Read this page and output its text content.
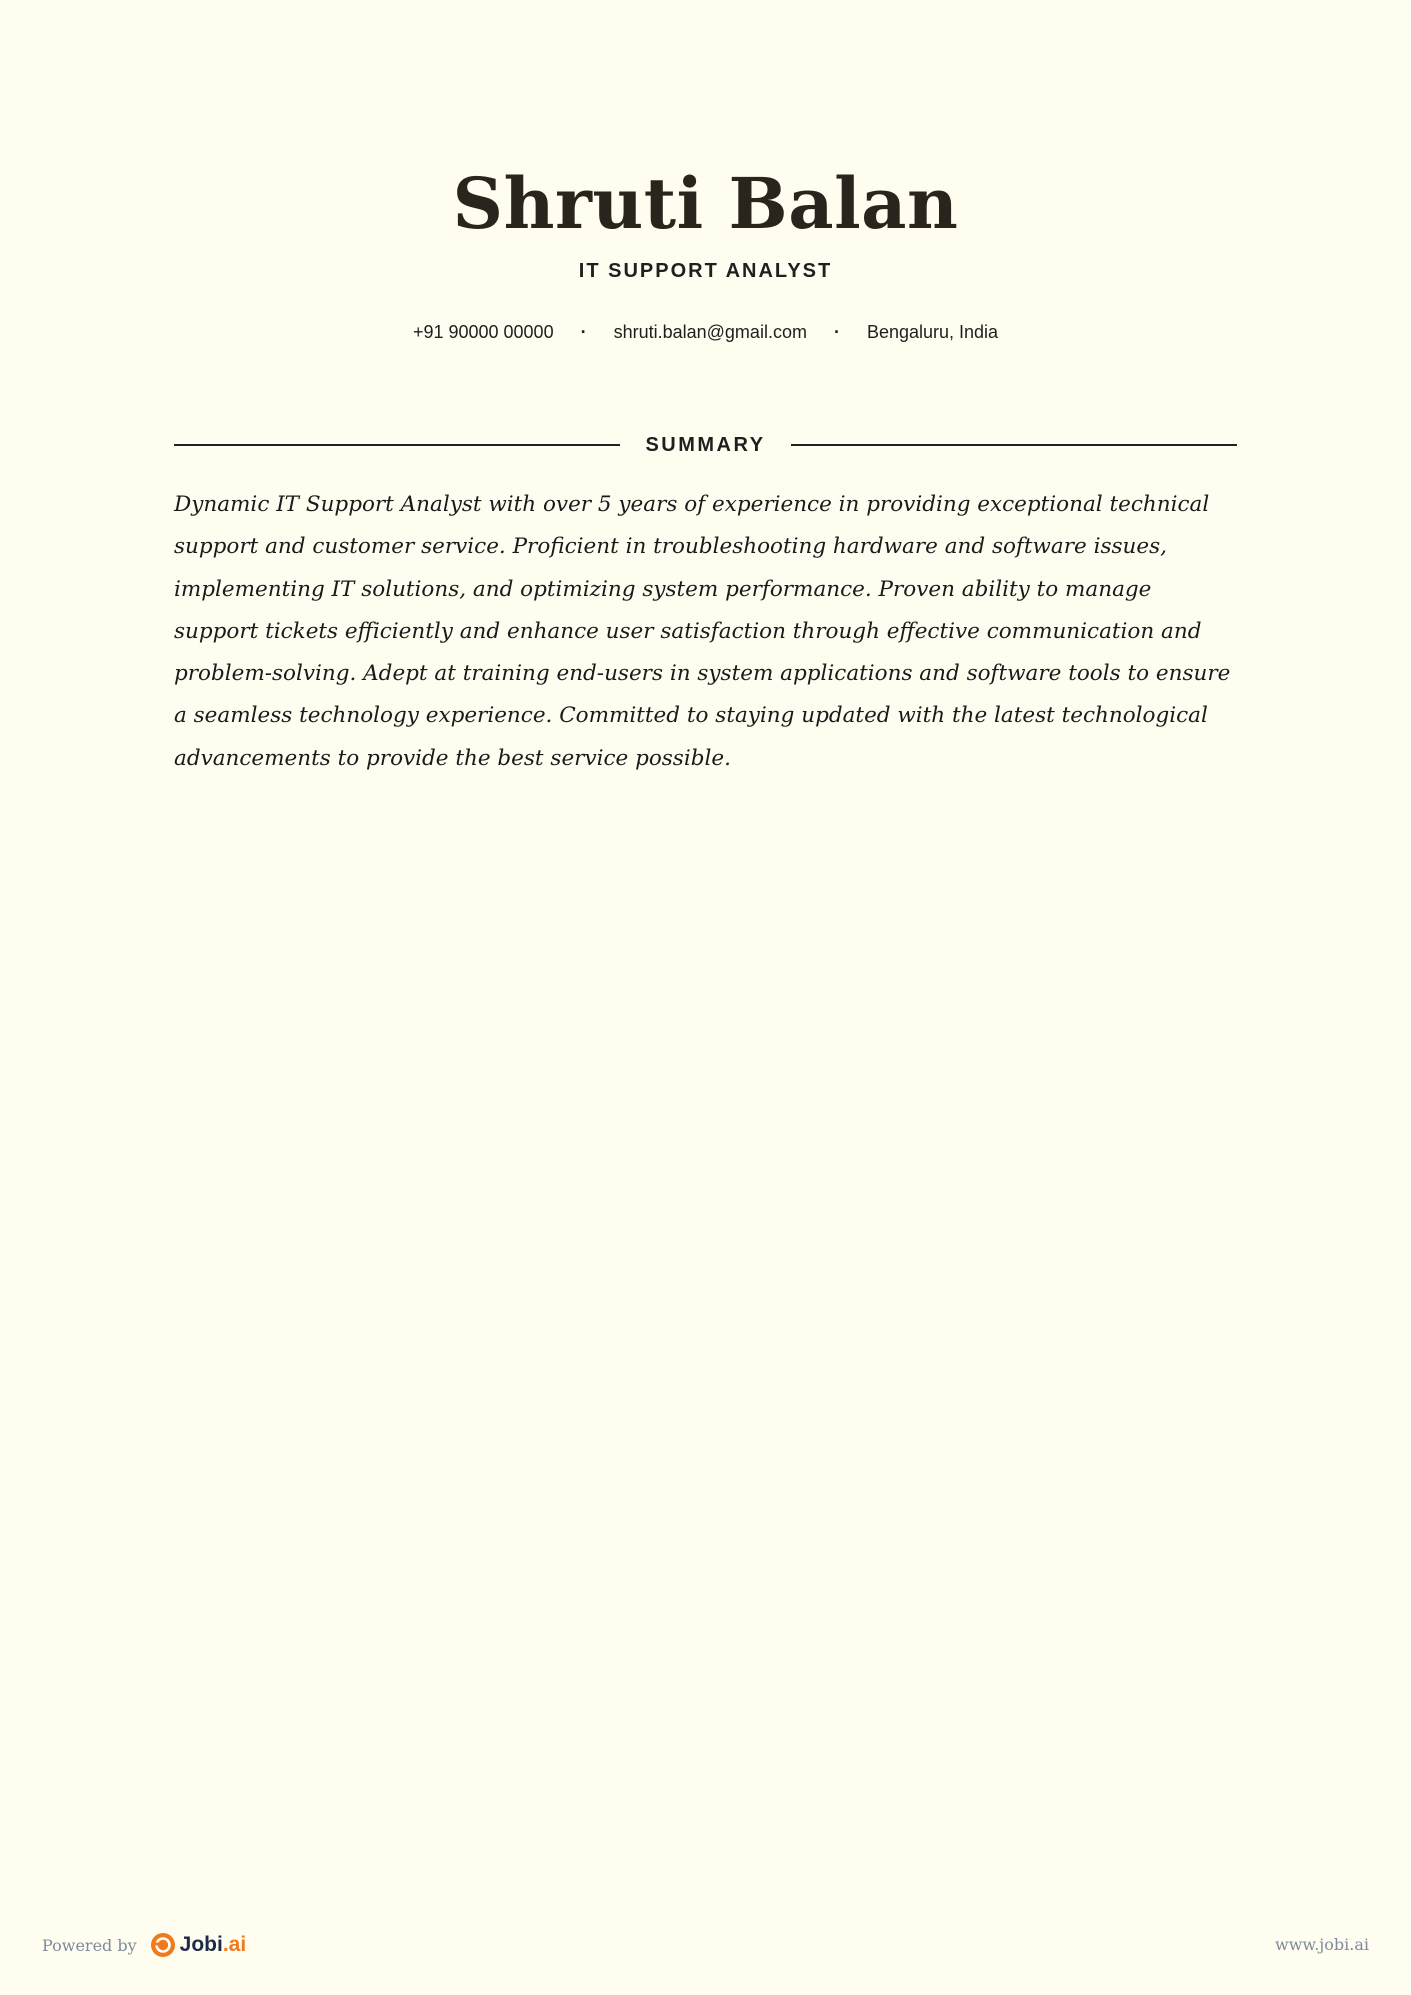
Shruti Balan
IT SUPPORT ANALYST
+91 90000 00000 · shruti.balan@gmail.com · Bengaluru, India
SUMMARY

Dynamic IT Support Analyst with over 5 years of experience in providing exceptional technical support and customer service. Proficient in troubleshooting hardware and software issues, implementing IT solutions, and optimizing system performance. Proven ability to manage support tickets efficiently and enhance user satisfaction through effective communication and problem-solving. Adept at training end-users in system applications and software tools to ensure a seamless technology experience. Committed to staying updated with the latest technological advancements to provide the best service possible.

Powered by Jobi .ai	www.jobi.ai
